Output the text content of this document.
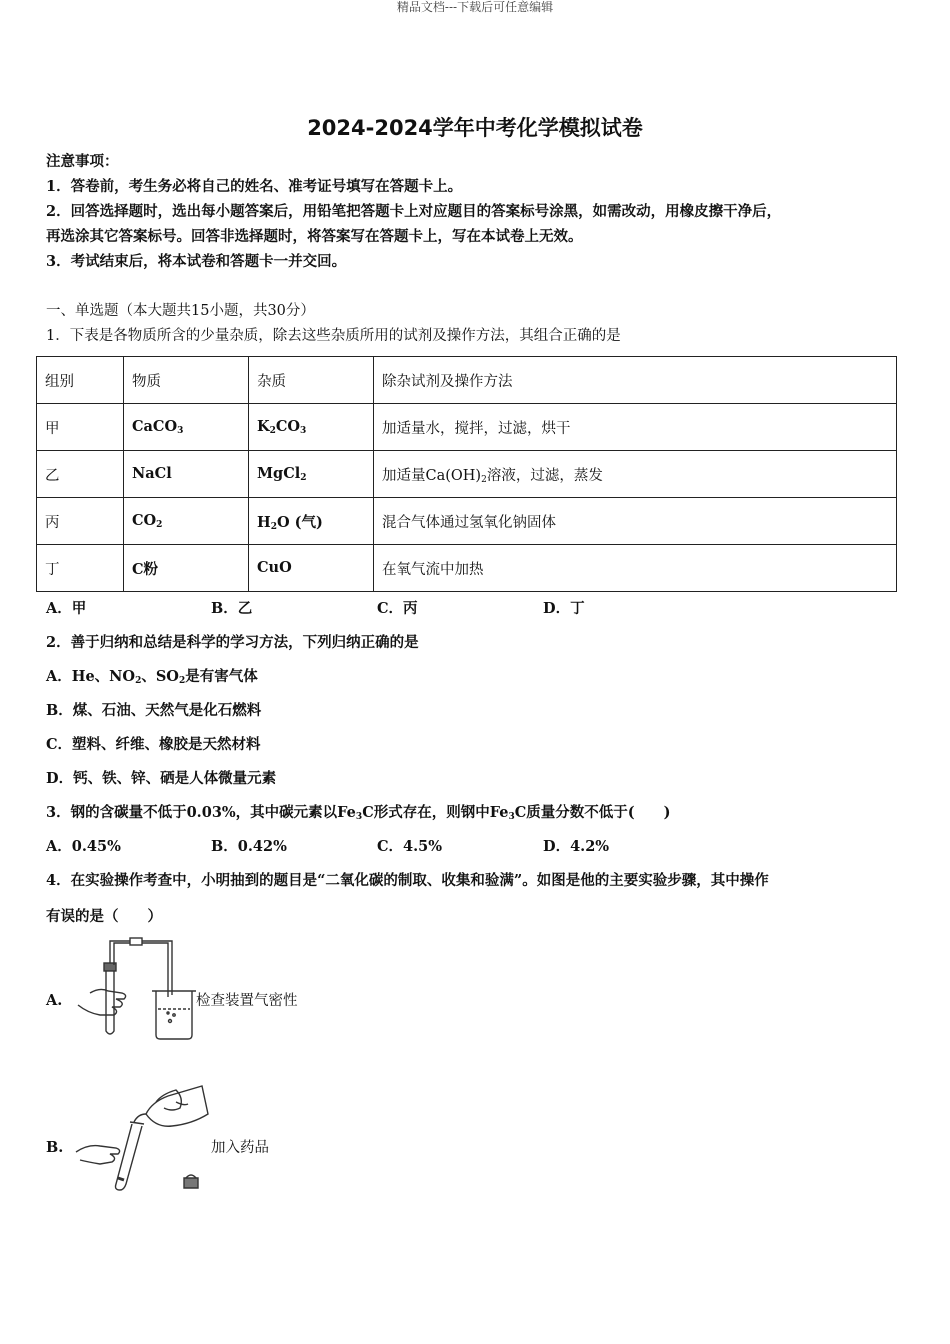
精品文档---下载后可任意编辑
2024-2024学年中考化学模拟试卷
注意事项：
1．答卷前，考生务必将自己的姓名、准考证号填写在答题卡上。
2．回答选择题时，选出每小题答案后，用铅笔把答题卡上对应题目的答案标号涂黑，如需改动，用橡皮擦干净后，
再选涂其它答案标号。回答非选择题时，将答案写在答题卡上，写在本试卷上无效。
3．考试结束后，将本试卷和答题卡一并交回。
一、单选题（本大题共15小题，共30分）
1．下表是各物质所含的少量杂质，除去这些杂质所用的试剂及操作方法，其组合正确的是
组别	物质	杂质	除杂试剂及操作方法
甲	CaCO$_3$	$K_2CO_3$	加适量水，搅拌，过滤，烘干
乙	NaCl	MgCl$_2$	加适量$Ca(OH)_2$溶液，过滤，蒸发
丙	$CO_2$	$H_2O$ (气)	混合气体通过氢氧化钠固体
丁	C粉	CuO	在氧气流中加热
A．甲	B．乙	C．丙	D．丁
2．善于归纳和总结是科学的学习方法，下列归纳正确的是
A．He、$NO_2$、$SO_2$是有害气体
B．煤、石油、天然气是化石燃料
C．塑料、纤维、橡胶是天然材料
D．钙、铁、锌、硒是人体微量元素
3．钢的含碳量不低于0.03%，其中碳元素以$Fe_3C$形式存在，则钢中$Fe_3C$质量分数不低于(　　)
A．0.45%	B．0.42%	C．4.5%	D．4.2%
4．在实验操作考查中，小明抽到的题目是“二氧化碳的制取、收集和验满”。如图是他的主要实验步骤，其中操作
有误的是（　　）
A.	检查装置气密性
B.	加入药品
